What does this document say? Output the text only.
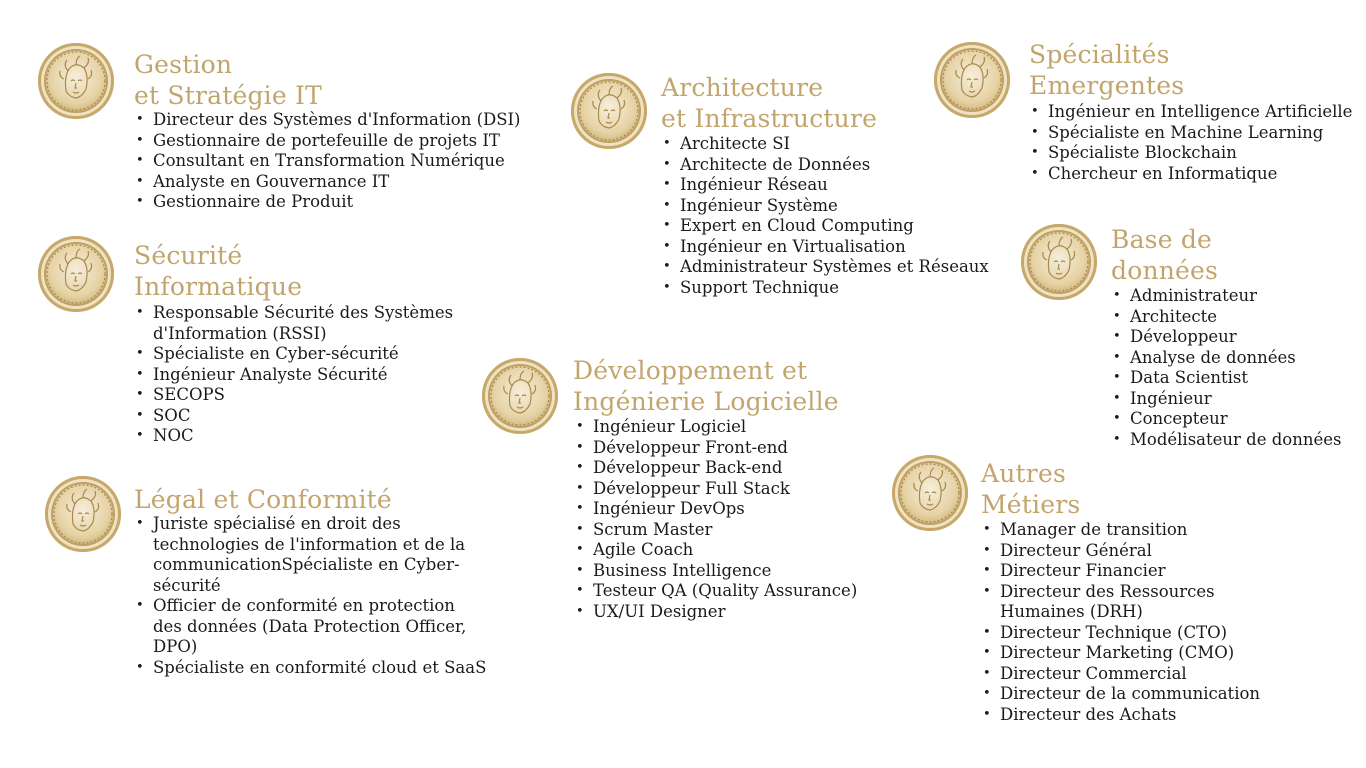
Gestion
et Stratégie IT
• Directeur des Systèmes d'Information (DSI)
• Gestionnaire de portefeuille de projets IT
• Consultant en Transformation Numérique
• Analyste en Gouvernance IT
• Gestionnaire de Produit
Sécurité
Informatique
• Responsable Sécurité des Systèmes d'Information (RSSI)
• Spécialiste en Cyber-sécurité
• Ingénieur Analyste Sécurité
• SECOPS
• SOC
• NOC
Légal et Conformité
• Juriste spécialisé en droit des technologies de l'information et de la communicationSpécialiste en Cyber-sécurité
• Officier de conformité en protection des données (Data Protection Officer, DPO)
• Spécialiste en conformité cloud et SaaS
Architecture
et Infrastructure
• Architecte SI
• Architecte de Données
• Ingénieur Réseau
• Ingénieur Système
• Expert en Cloud Computing
• Ingénieur en Virtualisation
• Administrateur Systèmes et Réseaux
• Support Technique
Développement et
Ingénierie Logicielle
• Ingénieur Logiciel
• Développeur Front-end
• Développeur Back-end
• Développeur Full Stack
• Ingénieur DevOps
• Scrum Master
• Agile Coach
• Business Intelligence
• Testeur QA (Quality Assurance)
• UX/UI Designer
Spécialités
Emergentes
• Ingénieur en Intelligence Artificielle
• Spécialiste en Machine Learning
• Spécialiste Blockchain
• Chercheur en Informatique
Base de
données
• Administrateur
• Architecte
• Développeur
• Analyse de données
• Data Scientist
• Ingénieur
• Concepteur
• Modélisateur de données
Autres
Métiers
• Manager de transition
• Directeur Général
• Directeur Financier
• Directeur des Ressources Humaines (DRH)
• Directeur Technique (CTO)
• Directeur Marketing (CMO)
• Directeur Commercial
• Directeur de la communication
• Directeur des Achats
